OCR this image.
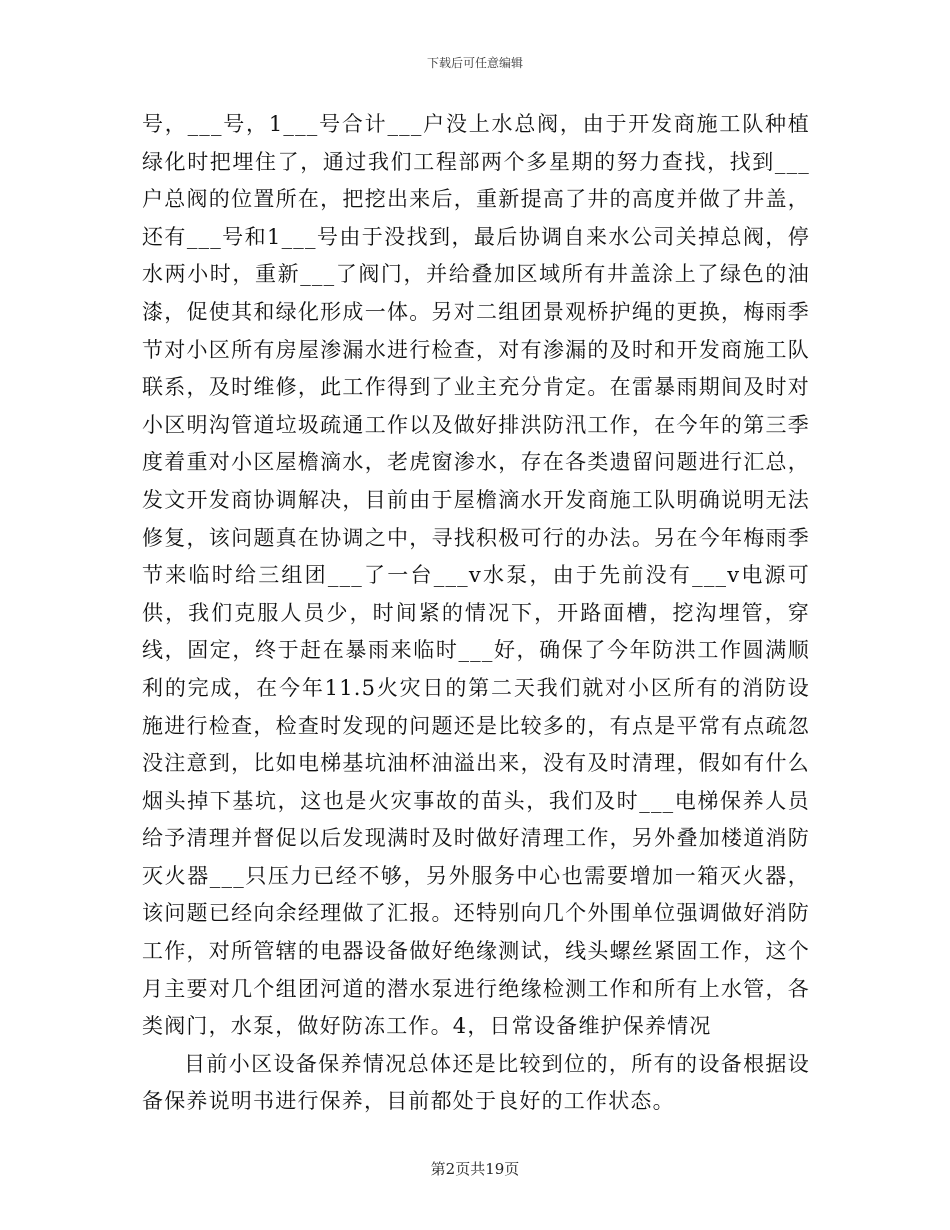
下载后可任意编辑

号，___号，1___号合计___户没上水总阀，由于开发商施工队种植绿化时把埋住了，通过我们工程部两个多星期的努力查找，找到___户总阀的位置所在，把挖出来后，重新提高了井的高度并做了井盖，还有___号和1___号由于没找到，最后协调自来水公司关掉总阀，停水两小时，重新___了阀门，并给叠加区域所有井盖涂上了绿色的油漆，促使其和绿化形成一体。另对二组团景观桥护绳的更换，梅雨季节对小区所有房屋渗漏水进行检查，对有渗漏的及时和开发商施工队联系，及时维修，此工作得到了业主充分肯定。在雷暴雨期间及时对小区明沟管道垃圾疏通工作以及做好排洪防汛工作，在今年的第三季度着重对小区屋檐滴水，老虎窗渗水，存在各类遗留问题进行汇总，发文开发商协调解决，目前由于屋檐滴水开发商施工队明确说明无法修复，该问题真在协调之中，寻找积极可行的办法。另在今年梅雨季节来临时给三组团___了一台___v水泵，由于先前没有___v电源可供，我们克服人员少，时间紧的情况下，开路面槽，挖沟埋管，穿线，固定，终于赶在暴雨来临时___好，确保了今年防洪工作圆满顺利的完成，在今年11.5火灾日的第二天我们就对小区所有的消防设施进行检查，检查时发现的问题还是比较多的，有点是平常有点疏忽没注意到，比如电梯基坑油杯油溢出来，没有及时清理，假如有什么烟头掉下基坑，这也是火灾事故的苗头，我们及时___电梯保养人员给予清理并督促以后发现满时及时做好清理工作，另外叠加楼道消防灭火器___只压力已经不够，另外服务中心也需要增加一箱灭火器，该问题已经向余经理做了汇报。还特别向几个外围单位强调做好消防工作，对所管辖的电器设备做好绝缘测试，线头螺丝紧固工作，这个月主要对几个组团河道的潜水泵进行绝缘检测工作和所有上水管，各类阀门，水泵，做好防冻工作。4，日常设备维护保养情况

目前小区设备保养情况总体还是比较到位的，所有的设备根据设备保养说明书进行保养，目前都处于良好的工作状态。

第2页共19页
